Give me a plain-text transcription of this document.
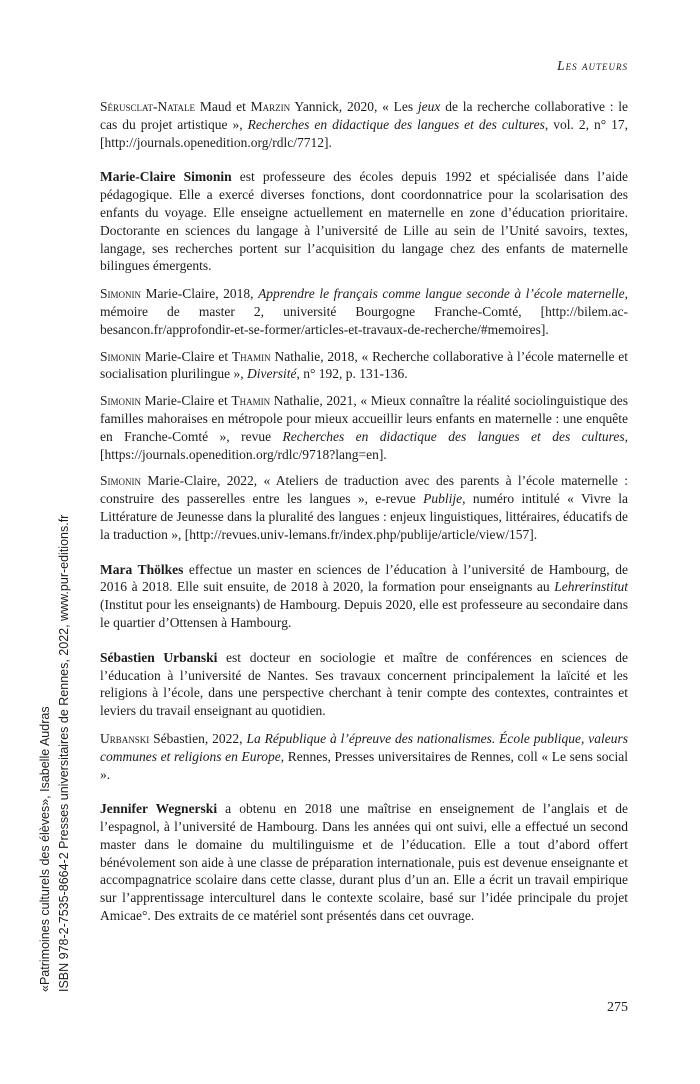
«Patrimoines culturels des élèves», Isabelle Audras ISBN 978-2-7535-8664-2 Presses universitaires de Rennes, 2022, www.pur-editions.fr
Les auteurs

Sérusclat-Natale Maud et Marzin Yannick, 2020, « Les jeux de la recherche collaborative : le cas du projet artistique », Recherches en didactique des langues et des cultures, vol. 2, n° 17, [http://journals.openedition.org/rdlc/7712].

Marie-Claire Simonin est professeure des écoles depuis 1992 et spécialisée dans l’aide pédagogique. Elle a exercé diverses fonctions, dont coordonnatrice pour la scolarisation des enfants du voyage. Elle enseigne actuellement en maternelle en zone d’éducation prioritaire. Doctorante en sciences du langage à l’université de Lille au sein de l’Unité savoirs, textes, langage, ses recherches portent sur l’acquisition du langage chez des enfants de maternelle bilingues émergents.

Simonin Marie-Claire, 2018, Apprendre le français comme langue seconde à l’école maternelle, mémoire de master 2, université Bourgogne Franche-Comté, [http://bilem.ac-besancon.fr/approfondir-et-se-former/articles-et-travaux-de-recherche/#memoires].

Simonin Marie-Claire et Thamin Nathalie, 2018, « Recherche collaborative à l’école maternelle et socialisation plurilingue », Diversité, n° 192, p. 131-136.

Simonin Marie-Claire et Thamin Nathalie, 2021, « Mieux connaître la réalité sociolinguistique des familles mahoraises en métropole pour mieux accueillir leurs enfants en maternelle : une enquête en Franche-Comté », revue Recherches en didactique des langues et des cultures, [https://journals.openedition.org/rdlc/9718?lang=en].

Simonin Marie-Claire, 2022, « Ateliers de traduction avec des parents à l’école maternelle : construire des passerelles entre les langues », e-revue Publije, numéro intitulé « Vivre la Littérature de Jeunesse dans la pluralité des langues : enjeux linguistiques, littéraires, éducatifs de la traduction », [http://revues.univ-lemans.fr/index.php/publije/article/view/157].

Mara Thölkes effectue un master en sciences de l’éducation à l’université de Hambourg, de 2016 à 2018. Elle suit ensuite, de 2018 à 2020, la formation pour enseignants au Lehrerinstitut (Institut pour les enseignants) de Hambourg. Depuis 2020, elle est professeure au secondaire dans le quartier d’Ottensen à Hambourg.

Sébastien Urbanski est docteur en sociologie et maître de conférences en sciences de l’éducation à l’université de Nantes. Ses travaux concernent principalement la laïcité et les religions à l’école, dans une perspective cherchant à tenir compte des contextes, contraintes et leviers du travail enseignant au quotidien.

Urbanski Sébastien, 2022, La République à l’épreuve des nationalismes. École publique, valeurs communes et religions en Europe, Rennes, Presses universitaires de Rennes, coll « Le sens social ».

Jennifer Wegnerski a obtenu en 2018 une maîtrise en enseignement de l’anglais et de l’espagnol, à l’université de Hambourg. Dans les années qui ont suivi, elle a effectué un second master dans le domaine du multilinguisme et de l’éducation. Elle a tout d’abord offert bénévolement son aide à une classe de préparation internationale, puis est devenue enseignante et accompagnatrice scolaire dans cette classe, durant plus d’un an. Elle a écrit un travail empirique sur l’apprentissage interculturel dans le contexte scolaire, basé sur l’idée principale du projet Amicae°. Des extraits de ce matériel sont présentés dans cet ouvrage.

275
